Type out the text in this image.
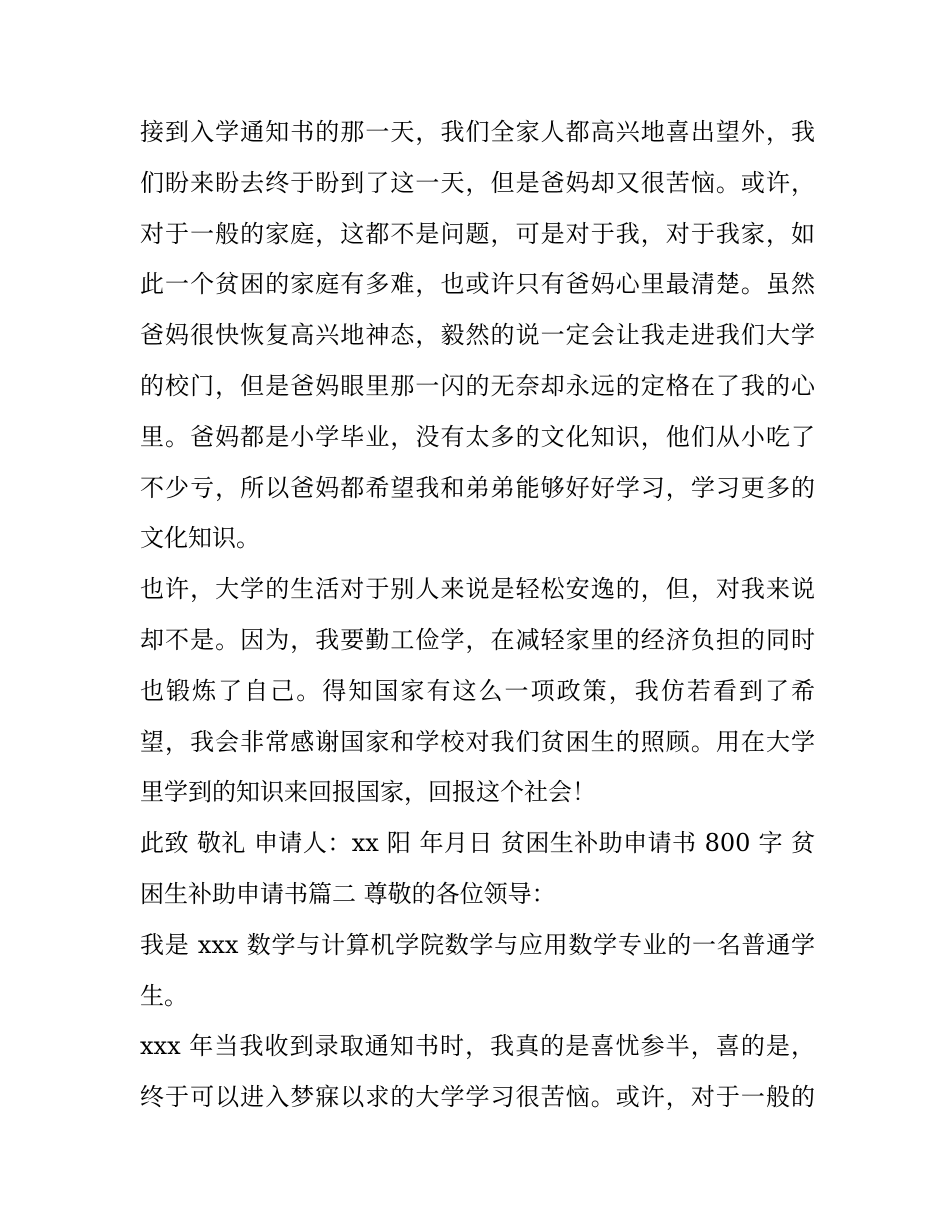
接到入学通知书的那一天，我们全家人都高兴地喜出望外，我
们盼来盼去终于盼到了这一天，但是爸妈却又很苦恼。或许，
对于一般的家庭，这都不是问题，可是对于我，对于我家，如
此一个贫困的家庭有多难，也或许只有爸妈心里最清楚。虽然
爸妈很快恢复高兴地神态，毅然的说一定会让我走进我们大学
的校门，但是爸妈眼里那一闪的无奈却永远的定格在了我的心
里。爸妈都是小学毕业，没有太多的文化知识，他们从小吃了
不少亏，所以爸妈都希望我和弟弟能够好好学习，学习更多的
文化知识。
也许，大学的生活对于别人来说是轻松安逸的，但，对我来说
却不是。因为，我要勤工俭学，在减轻家里的经济负担的同时
也锻炼了自己。得知国家有这么一项政策，我仿若看到了希
望，我会非常感谢国家和学校对我们贫困生的照顾。用在大学
里学到的知识来回报国家，回报这个社会！
此致 敬礼 申请人：xx 阳 年月日 贫困生补助申请书 800 字 贫
困生补助申请书篇二 尊敬的各位领导：
我是 xxx 数学与计算机学院数学与应用数学专业的一名普通学
生。
xxx 年当我收到录取通知书时，我真的是喜忧参半，喜的是，
终于可以进入梦寐以求的大学学习很苦恼。或许，对于一般的
